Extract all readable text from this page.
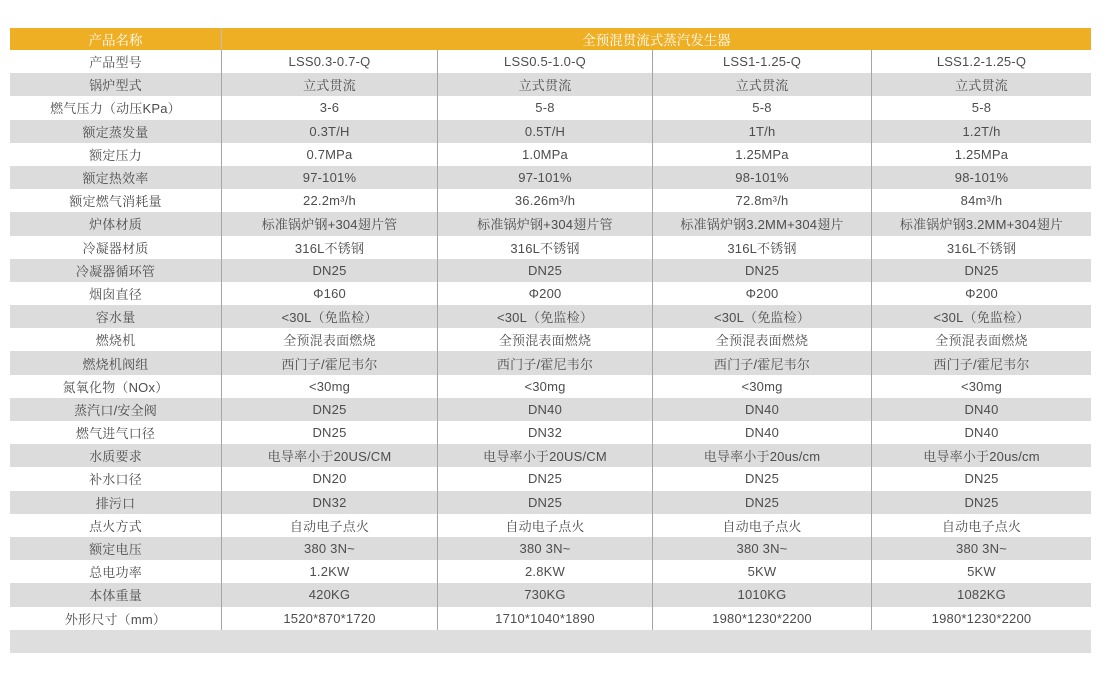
产品名称	全预混贯流式蒸汽发生器
产品型号	LSS0.3-0.7-Q	LSS0.5-1.0-Q	LSS1-1.25-Q	LSS1.2-1.25-Q
锅炉型式	立式贯流	立式贯流	立式贯流	立式贯流
燃气压力（动压KPa）	3-6	5-8	5-8	5-8
额定蒸发量	0.3T/H	0.5T/H	1T/h	1.2T/h
额定压力	0.7MPa	1.0MPa	1.25MPa	1.25MPa
额定热效率	97-101%	97-101%	98-101%	98-101%
额定燃气消耗量	22.2m³/h	36.26m³/h	72.8m³/h	84m³/h
炉体材质	标准锅炉钢+304翅片管	标准锅炉钢+304翅片管	标准锅炉钢3.2MM+304翅片	标准锅炉钢3.2MM+304翅片
冷凝器材质	316L不锈钢	316L不锈钢	316L不锈钢	316L不锈钢
冷凝器循环管	DN25	DN25	DN25	DN25
烟囱直径	Φ160	Φ200	Φ200	Φ200
容水量	<30L（免监检）	<30L（免监检）	<30L（免监检）	<30L（免监检）
燃烧机	全预混表面燃烧	全预混表面燃烧	全预混表面燃烧	全预混表面燃烧
燃烧机阀组	西门子/霍尼韦尔	西门子/霍尼韦尔	西门子/霍尼韦尔	西门子/霍尼韦尔
氮氧化物（NOx）	<30mg	<30mg	<30mg	<30mg
蒸汽口/安全阀	DN25	DN40	DN40	DN40
燃气进气口径	DN25	DN32	DN40	DN40
水质要求	电导率小于20US/CM	电导率小于20US/CM	电导率小于20us/cm	电导率小于20us/cm
补水口径	DN20	DN25	DN25	DN25
排污口	DN32	DN25	DN25	DN25
点火方式	自动电子点火	自动电子点火	自动电子点火	自动电子点火
额定电压	380 3N~	380 3N~	380 3N~	380 3N~
总电功率	1.2KW	2.8KW	5KW	5KW
本体重量	420KG	730KG	1010KG	1082KG
外形尺寸（mm）	1520*870*1720	1710*1040*1890	1980*1230*2200	1980*1230*2200
